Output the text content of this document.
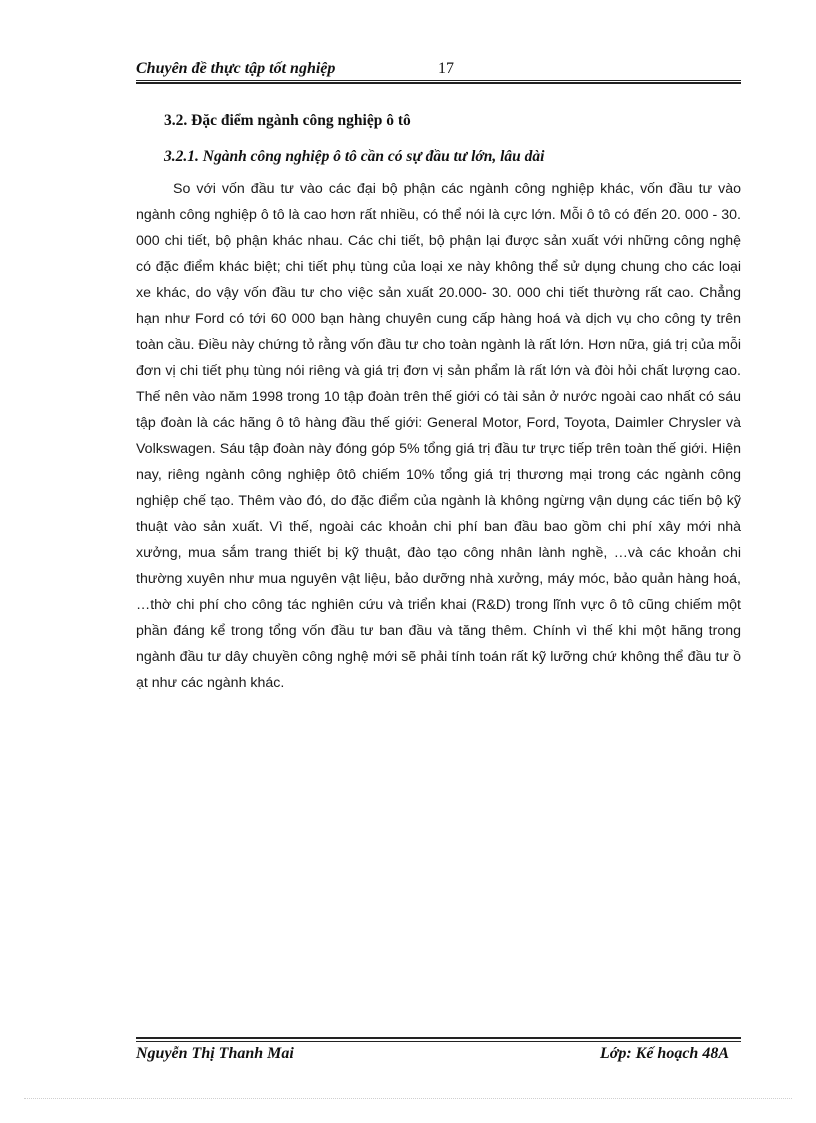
Chuyên đề thực tập tốt nghiệp	17
3.2. Đặc điểm ngành công nghiệp ô tô
3.2.1. Ngành công nghiệp ô tô cần có sự đầu tư lớn, lâu dài

So với vốn đầu tư vào các đại bộ phận các ngành công nghiệp khác, vốn đầu tư vào ngành công nghiệp ô tô là cao hơn rất nhiều, có thể nói là cực lớn. Mỗi ô tô có đến 20. 000 - 30. 000 chi tiết, bộ phận khác nhau. Các chi tiết, bộ phận lại được sản xuất với những công nghệ có đặc điểm khác biệt; chi tiết phụ tùng của loại xe này không thể sử dụng chung cho các loại xe khác, do vậy vốn đầu tư cho việc sản xuất 20.000- 30. 000 chi tiết thường rất cao. Chẳng hạn như Ford có tới 60 000 bạn hàng chuyên cung cấp hàng hoá và dịch vụ cho công ty trên toàn cầu. Điều này chứng tỏ rằng vốn đầu tư cho toàn ngành là rất lớn. Hơn nữa, giá trị của mỗi đơn vị chi tiết phụ tùng nói riêng và giá trị đơn vị sản phẩm là rất lớn và đòi hỏi chất lượng cao. Thế nên vào năm 1998 trong 10 tập đoàn trên thế giới có tài sản ở nước ngoài cao nhất có sáu tập đoàn là các hãng ô tô hàng đầu thế giới: General Motor, Ford, Toyota, Daimler Chrysler và Volkswagen. Sáu tập đoàn này đóng góp 5% tổng giá trị đầu tư trực tiếp trên toàn thế giới. Hiện nay, riêng ngành công nghiệp ôtô chiếm 10% tổng giá trị thương mại trong các ngành công nghiệp chế tạo. Thêm vào đó, do đặc điểm của ngành là không ngừng vận dụng các tiến bộ kỹ thuật vào sản xuất. Vì thế, ngoài các khoản chi phí ban đầu bao gồm chi phí xây mới nhà xưởng, mua sắm trang thiết bị kỹ thuật, đào tạo công nhân lành nghề, …và các khoản chi thường xuyên như mua nguyên vật liệu, bảo dưỡng nhà xưởng, máy móc, bảo quản hàng hoá, …thờ chi phí cho công tác nghiên cứu và triển khai (R&D) trong lĩnh vực ô tô cũng chiếm một phần đáng kể trong tổng vốn đầu tư ban đầu và tăng thêm. Chính vì thế khi một hãng trong ngành đầu tư dây chuyền công nghệ mới sẽ phải tính toán rất kỹ lưỡng chứ không thể đầu tư ồ ạt như các ngành khác.

Nguyễn Thị Thanh Mai	Lớp: Kế hoạch 48A
